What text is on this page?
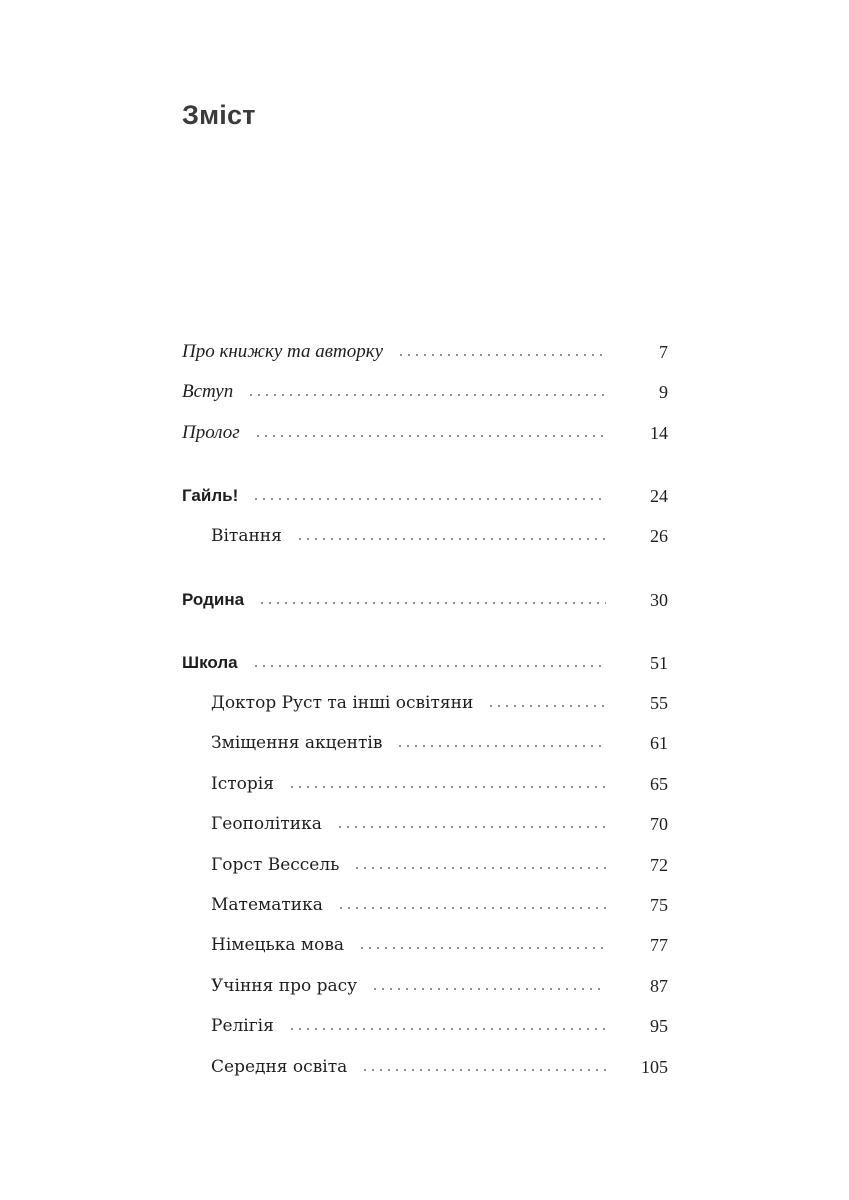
Зміст
Про книжку та авторку	7
Вступ	9
Пролог	14
Гайль!	24
Вітання	26
Родина	30
Школа	51
Доктор Руст та інші освітяни	55
Зміщення акцентів	61
Історія	65
Геополітика	70
Горст Вессель	72
Математика	75
Німецька мова	77
Учіння про расу	87
Релігія	95
Середня освіта	105
